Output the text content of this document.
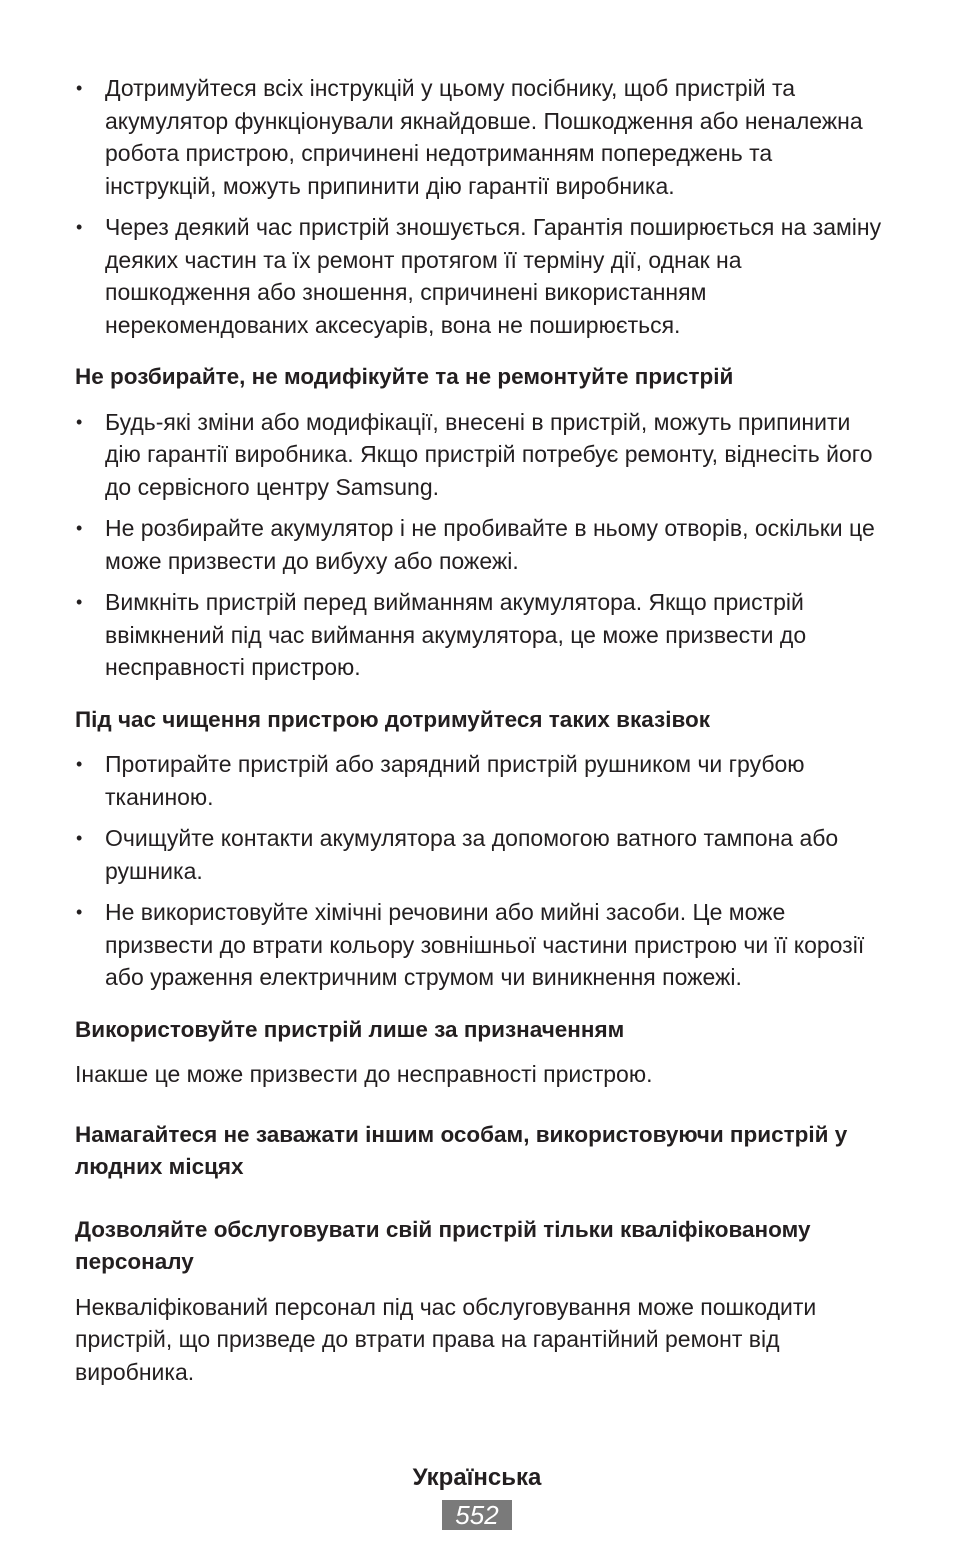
• Дотримуйтеся всіх інструкцій у цьому посібнику, щоб пристрій та акумулятор функціонували якнайдовше. Пошкодження або неналежна робота пристрою, спричинені недотриманням попереджень та інструкцій, можуть припинити дію гарантії виробника.
• Через деякий час пристрій зношується. Гарантія поширюється на заміну деяких частин та їх ремонт протягом її терміну дії, однак на пошкодження або зношення, спричинені використанням нерекомендованих аксесуарів, вона не поширюється.
Не розбирайте, не модифікуйте та не ремонтуйте пристрій
• Будь-які зміни або модифікації, внесені в пристрій, можуть припинити дію гарантії виробника. Якщо пристрій потребує ремонту, віднесіть його до сервісного центру Samsung.
• Не розбирайте акумулятор і не пробивайте в ньому отворів, оскільки це може призвести до вибуху або пожежі.
• Вимкніть пристрій перед вийманням акумулятора. Якщо пристрій ввімкнений під час виймання акумулятора, це може призвести до несправності пристрою.
Під час чищення пристрою дотримуйтеся таких вказівок
• Протирайте пристрій або зарядний пристрій рушником чи грубою тканиною.
• Очищуйте контакти акумулятора за допомогою ватного тампона або рушника.
• Не використовуйте хімічні речовини або мийні засоби. Це може призвести до втрати кольору зовнішньої частини пристрою чи її корозії або ураження електричним струмом чи виникнення пожежі.
Використовуйте пристрій лише за призначенням

Інакше це може призвести до несправності пристрою.

Намагайтеся не заважати іншим особам, використовуючи пристрій у людних місцях
Дозволяйте обслуговувати свій пристрій тільки кваліфікованому персоналу

Некваліфікований персонал під час обслуговування може пошкодити пристрій, що призведе до втрати права на гарантійний ремонт від виробника.

Українська
552
